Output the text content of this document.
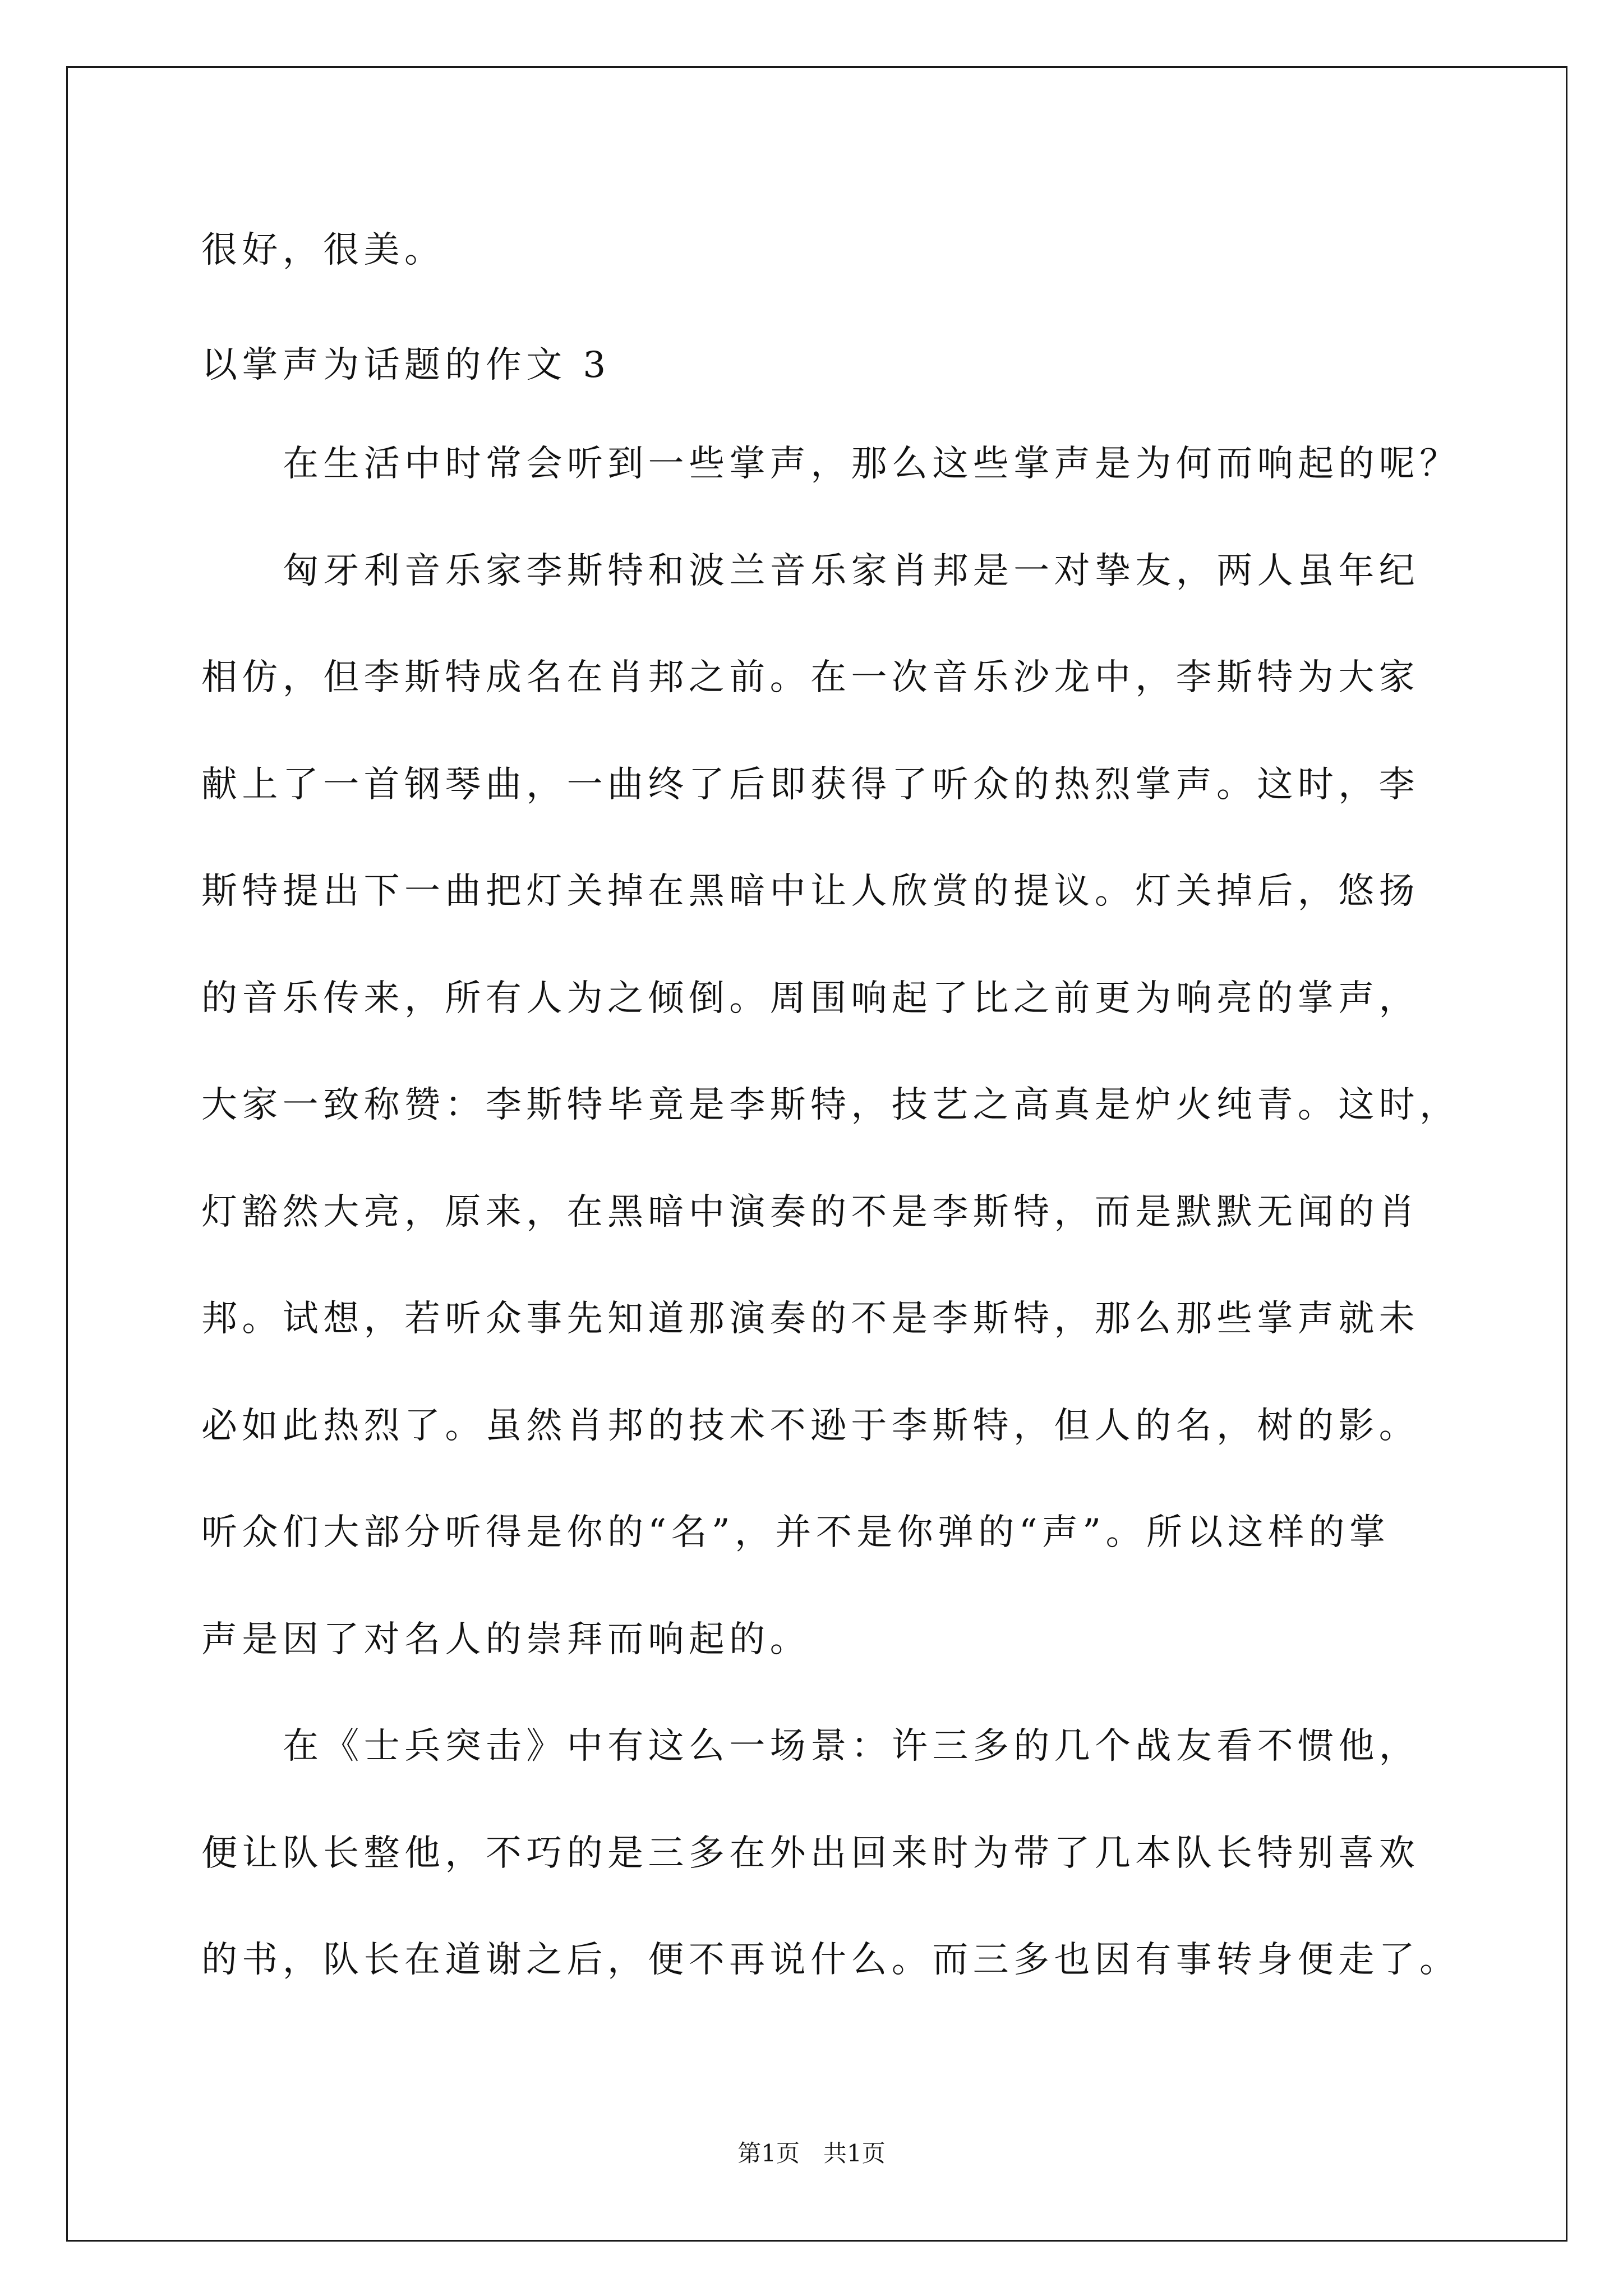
很好，很美。
以掌声为话题的作文 3
在生活中时常会听到一些掌声，那么这些掌声是为何而响起的呢？
匈牙利音乐家李斯特和波兰音乐家肖邦是一对挚友，两人虽年纪
相仿，但李斯特成名在肖邦之前。在一次音乐沙龙中，李斯特为大家
献上了一首钢琴曲，一曲终了后即获得了听众的热烈掌声。这时，李
斯特提出下一曲把灯关掉在黑暗中让人欣赏的提议。灯关掉后，悠扬
的音乐传来，所有人为之倾倒。周围响起了比之前更为响亮的掌声，
大家一致称赞：李斯特毕竟是李斯特，技艺之高真是炉火纯青。这时，
灯豁然大亮，原来，在黑暗中演奏的不是李斯特，而是默默无闻的肖
邦。试想，若听众事先知道那演奏的不是李斯特，那么那些掌声就未
必如此热烈了。虽然肖邦的技术不逊于李斯特，但人的名，树的影。
听众们大部分听得是你的“名”，并不是你弹的“声”。所以这样的掌
声是因了对名人的崇拜而响起的。
在《士兵突击》中有这么一场景：许三多的几个战友看不惯他，
便让队长整他，不巧的是三多在外出回来时为带了几本队长特别喜欢
的书，队长在道谢之后，便不再说什么。而三多也因有事转身便走了。
第1页　共1页
